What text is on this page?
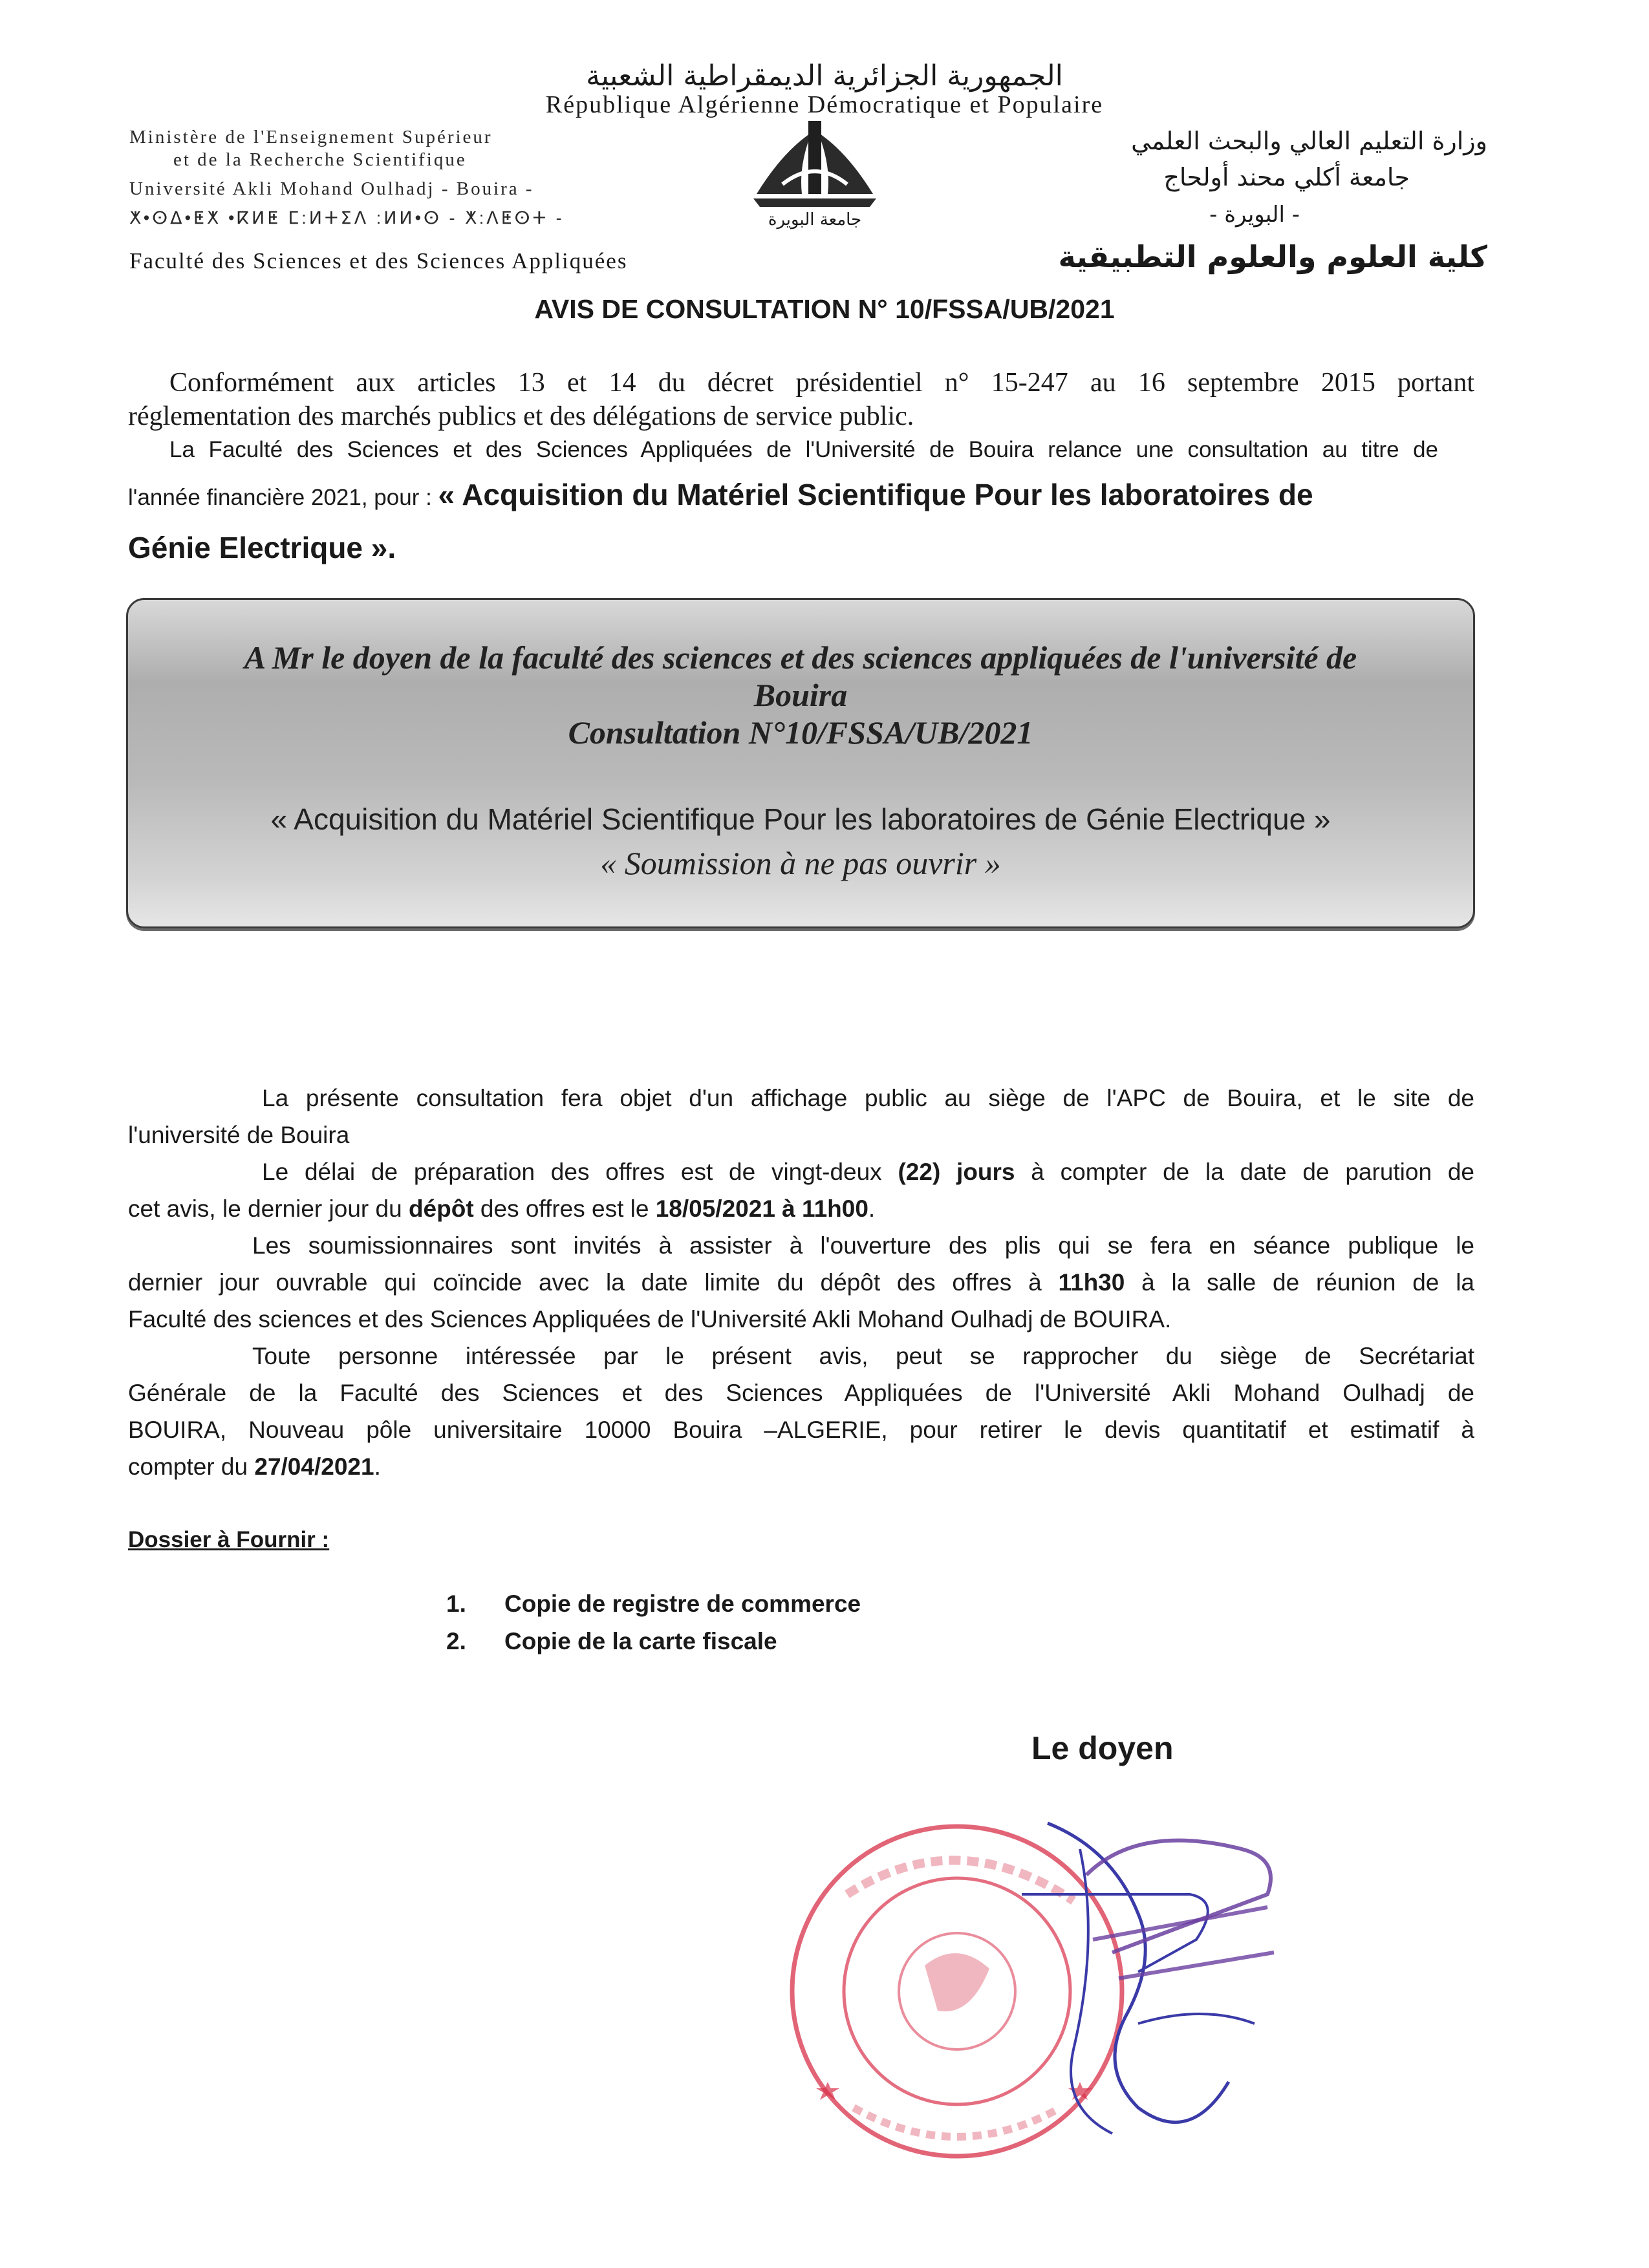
الجمهورية الجزائرية الديمقراطية الشعبية
République Algérienne Démocratique et Populaire
Ministère de l'Enseignement Supérieur
et de la Recherche Scientifique
Université Akli Mohand Oulhadj - Bouira -
ⵅ•ⵙⵠ•ⵟⵅ •ⴽⵍⵟ ⵎ:ⵍⵜⵉⴷ :ⵍⵍ•ⵙ - ⵅ:ⴷⵟⵙⵜ -
Faculté des Sciences et des Sciences Appliquées
وزارة التعليم العالي والبحث العلمي
جامعة أكلي محند أولحاج
- البويرة -
كلية العلوم والعلوم التطبيقية
جامعة البويرة
AVIS DE CONSULTATION N° 10/FSSA/UB/2021
Conformément aux articles 13 et 14 du décret présidentiel n° 15-247 au 16 septembre 2015 portant
réglementation des marchés publics et des délégations de service public.
La Faculté des Sciences et des Sciences Appliquées de l'Université de Bouira relance une consultation au titre de
l'année financière 2021, pour : « Acquisition du Matériel Scientifique Pour les laboratoires de
Génie Electrique ».
A Mr le doyen de la faculté des sciences et des sciences appliquées de l'université de
Bouira
Consultation N°10/FSSA/UB/2021
« Acquisition du Matériel Scientifique Pour les laboratoires de Génie Electrique »
« Soumission à ne pas ouvrir »
La présente consultation fera objet d'un affichage public au siège de l'APC de Bouira, et le site de
l'université de Bouira
Le délai de préparation des offres est de vingt-deux (22) jours à compter de la date de parution de
cet avis, le dernier jour du dépôt des offres est le 18/05/2021 à 11h00.
Les soumissionnaires sont invités à assister à l'ouverture des plis qui se fera en séance publique le
dernier jour ouvrable qui coïncide avec la date limite du dépôt des offres à 11h30 à la salle de réunion de la
Faculté des sciences et des Sciences Appliquées de l'Université Akli Mohand Oulhadj de BOUIRA.
Toute personne intéressée par le présent avis, peut se rapprocher du siège de Secrétariat
Générale de la Faculté des Sciences et des Sciences Appliquées de l'Université Akli Mohand Oulhadj de
BOUIRA, Nouveau pôle universitaire 10000 Bouira –ALGERIE, pour retirer le devis quantitatif et estimatif à
compter du 27/04/2021.
Dossier à Fournir :
1. Copie de registre de commerce
2. Copie de la carte fiscale
Le doyen
